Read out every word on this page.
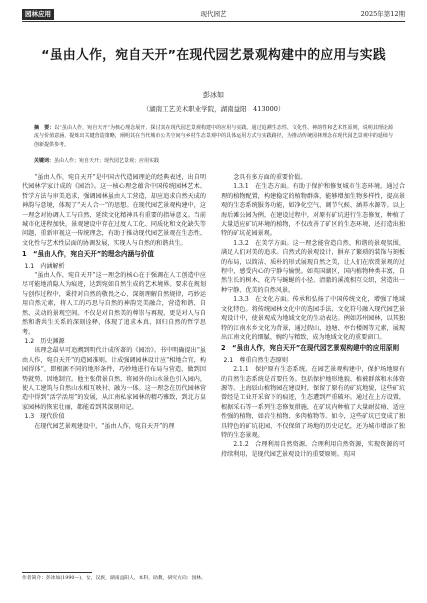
园林应用	现代园艺	2025年第12期
“虽由人作，宛自天开”在现代园艺景观构建中的应用与实践
彭冰如
（湖南工艺美术职业学院，湖南益阳　413000）

摘　要：以“虽由人作，宛自天开”为核心理念展开，探讨其在现代园艺景观构建中的应用与实践。通过追溯生态性、文化性、神韵性和艺术性原则，说明其理论源流与价值意涵，提炼出关键营造策略，阐明其在当代城市公共空间与乡村生态景观中的具体运用方式与实践路径，为推动传统园林理念在现代园艺景观中的延续与创新提供参考。

关键词：虽由人作；宛自天开；现代园艺景观；应用实践

“虽由人作，宛自天开”是中国古代造园理论的经典表述，出自明代园林学家计成的《园冶》。这一核心理念蕴含中国传统园林艺术、哲学方法与审美追求，强调园林虽由人工营造，却应追求自然天成的神韵与意境，体现了“天人合一”的思想。在现代园艺景观构建中，这一理念对协调人工与自然、延续文化精神具有重要的指导意义。当前城市化进程加快，景观建设中存在过度人工化、同质化和文化缺失等问题，重新审视这一传统理念，有助于推动现代园艺景观在生态性、文化性与艺术性层面的协调发展，实现人与自然的和谐共生。

1　“虽由人作，宛自天开”的理念内涵与价值
1.1　内涵解析

“虽由人作，宛自天开”这一理念的核心在于强调在人工创造中应尽可能地消隐人为痕迹，达到宛如自然生成的艺术境界。要求在规划与创作过程中，秉持对自然的敬畏之心，深刻理解自然规律，巧妙运用自然元素，将人工的巧思与自然的神韵完美融合，营造和谐、自然、灵动的景观空间。不仅是对自然美的尊崇与再现，更是对人与自然和谐共生关系的深刻诠释，体现了追求本真、回归自然的哲学思考。

1.2　历史渊源

该理念最早可追溯到明代计成所著的《园冶》。书中明确提出“虽由人作，宛自天开”的造园准则。计成强调园林设计应“相地合宜，构园得体”，即根据不同的地形条件，巧妙地进行布局与营造，做到因势就势、因地制宜。他主张借景自然，将园外的山水景色引入园内，使人工建筑与自然山水相互映衬、融为一体。这一理念在历代园林营造中得到“活学活用”的发展，从江南私家园林的精巧雅致，到北方皇家园林的恢宏壮丽，都能看到其深刻印记。

1.3　现代价值

在现代园艺景观建设中，“虽由人作，宛自天开”的理

念具有多方面的重要价值。

1.3.1　在生态方面。有助于保护和修复城市生态环境。通过合理的植物配置，构建稳定的植物群落，能够增加生物多样性，提高景观的生态系统服务功能，如净化空气、调节气候、涵养水源等。以上海后滩公园为例，在建设过程中，对原有矿坑进行生态修复，种植了大量适应矿坑环境的植物，不仅改善了矿区的生态环境，还打造出独特的矿坑花园景观。

1.3.2　在美学方面。这一理念能营造自然、和谐的景观氛围，满足人们对美的追求。自然式的景观设计，摒弃了繁琐的装饰与刻板的布局，以简洁、质朴的形式展现自然之美，让人们在欣赏景观的过程中，感受内心的宁静与愉悦。如英国湖区，国内植物种类丰富，自然生长的树木、花卉与蜿蜒的小径、清澈的溪流相互交织，营造出一种宁静、优美的自然风景。

1.3.3　在文化方面。传承和弘扬了中国传统文化，增强了地域文化特色。将传统园林文化中的选园手法、文化符号融入现代园艺景观设计中，使景观成为地域文化的生动表达。例如苏州园林，以其独特的江南水乡文化为背景，通过假山、池塘、亭台楼阁等元素，展现出江南文化的细腻、婉约与精致，成为地域文化的重要窗口。

2　“虽由人作，宛自天开”在现代园艺景观构建中的应用原则
2.1　尊重自然生态原则

2.1.1　保护原有生态系统。在园艺景观构建中，保护场地原有的自然生态系统是首要任务。包括保护地形地貌、植被群落和水体资源等。上海辰山植物园在建设时，保留了原有的矿坑地貌，这些矿坑曾经是工业开采留下的痕迹，生态遭到严重破坏。通过在上方设置，根据采石等一系列生态修复措施，在矿坑内种植了大量耐贫瘠、适应性强的植物，如岩生植物、多肉植物等。如今，这些矿坑已变成了独具特色的矿坑花园，不仅保留了场地的历史记忆，还为城市增添了独特的生态景观。

2.1.2　合理利用自然资源。合理利用自然资源，实现资源的可持续利用，是现代园艺景观设计的重要原则。英国

作者简介：彭冰如(1990—)，女，汉族，湖南益阳人，本科，助教，研究方向：园林。
